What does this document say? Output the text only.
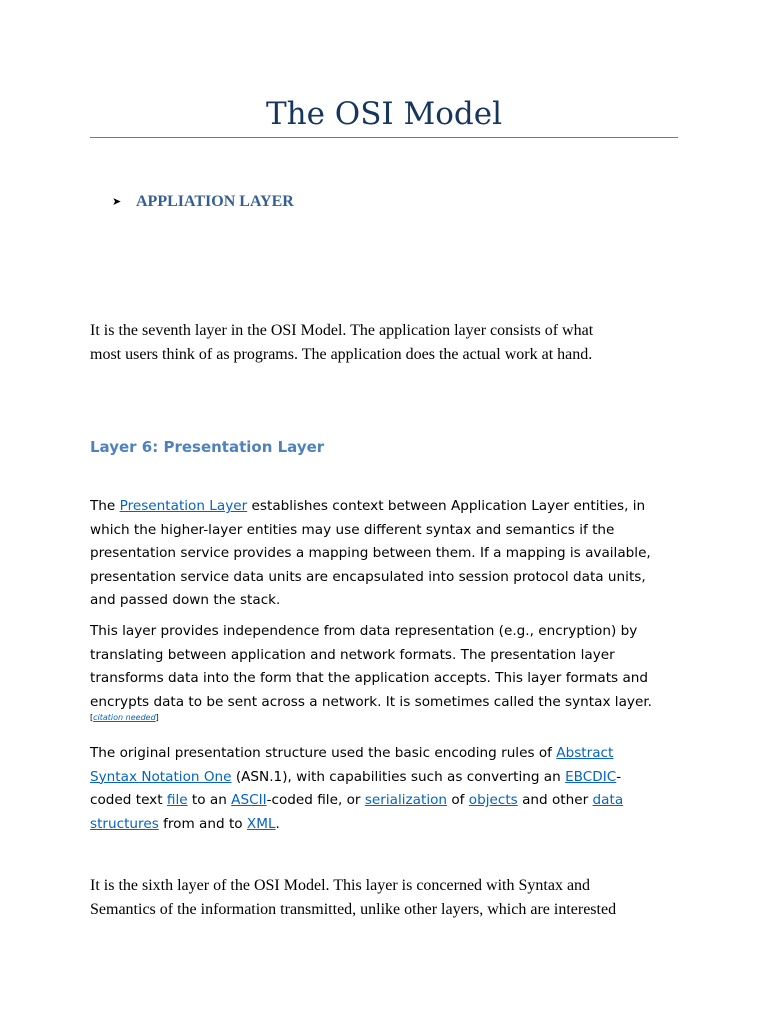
The OSI Model
➤ APPLIATION LAYER
It is the seventh layer in the OSI Model. The application layer consists of what
most users think of as programs. The application does the actual work at hand.
Layer 6: Presentation Layer
The Presentation Layer establishes context between Application Layer entities, in
which the higher-layer entities may use different syntax and semantics if the
presentation service provides a mapping between them. If a mapping is available,
presentation service data units are encapsulated into session protocol data units,
and passed down the stack.
This layer provides independence from data representation (e.g., encryption) by
translating between application and network formats. The presentation layer
transforms data into the form that the application accepts. This layer formats and
encrypts data to be sent across a network. It is sometimes called the syntax layer.
[citation needed]
The original presentation structure used the basic encoding rules of Abstract
Syntax Notation One (ASN.1), with capabilities such as converting an EBCDIC-
coded text file to an ASCII-coded file, or serialization of objects and other data
structures from and to XML.
It is the sixth layer of the OSI Model. This layer is concerned with Syntax and
Semantics of the information transmitted, unlike other layers, which are interested
